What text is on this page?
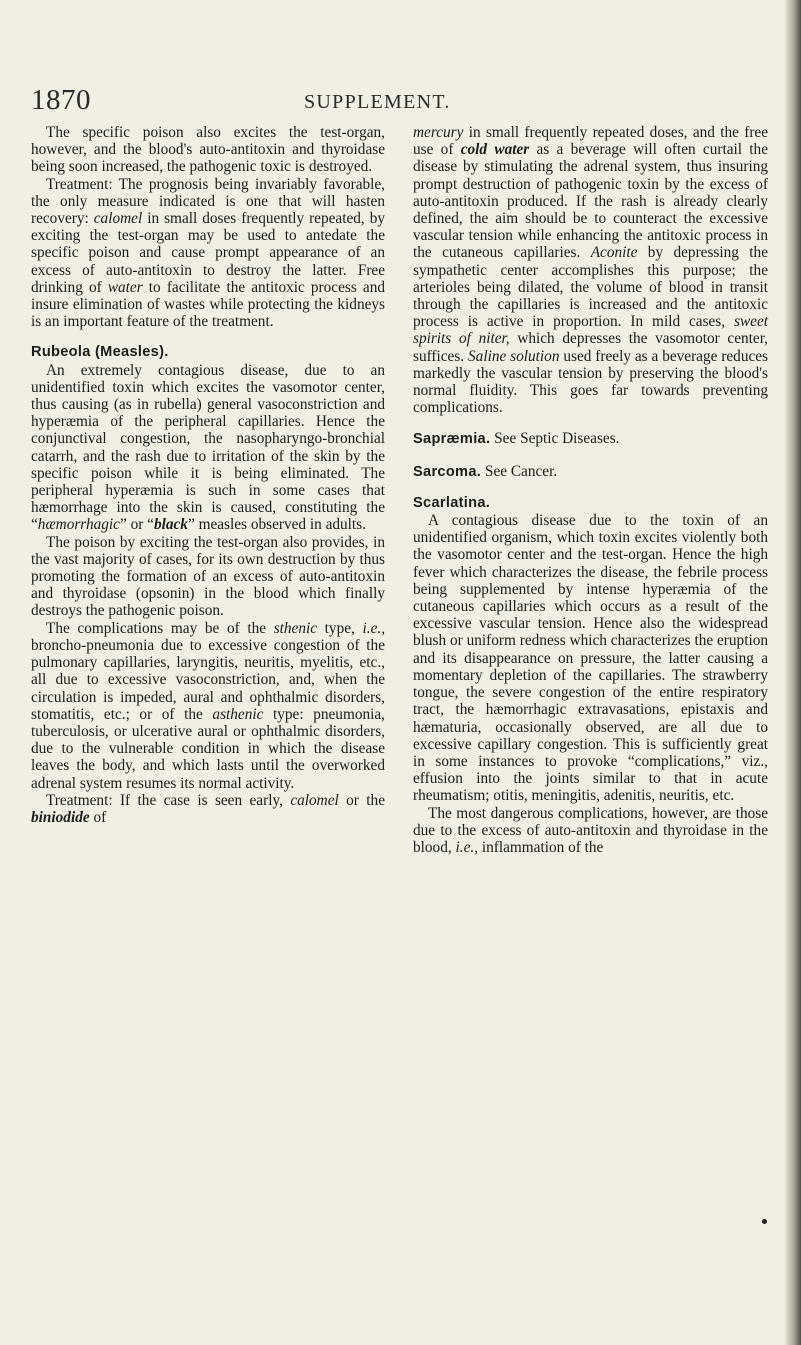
1870	SUPPLEMENT.

The specific poison also excites the test-organ, however, and the blood's auto-antitoxin and thyroidase being soon increased, the pathogenic toxic is destroyed.

Treatment: The prognosis being invariably favorable, the only measure indicated is one that will hasten recovery: calomel in small doses frequently repeated, by exciting the test-organ may be used to antedate the specific poison and cause prompt appearance of an excess of auto-antitoxin to destroy the latter. Free drinking of water to facilitate the antitoxic process and insure elimination of wastes while protecting the kidneys is an important feature of the treatment.

Rubeola (Measles).

An extremely contagious disease, due to an unidentified toxin which excites the vasomotor center, thus causing (as in rubella) general vasoconstriction and hyperæmia of the peripheral capillaries. Hence the conjunctival congestion, the nasopharyngo-bronchial catarrh, and the rash due to irritation of the skin by the specific poison while it is being eliminated. The peripheral hyperæmia is such in some cases that hæmorrhage into the skin is caused, constituting the “hæmorrhagic” or “black” measles observed in adults.

The poison by exciting the test-organ also provides, in the vast majority of cases, for its own destruction by thus promoting the formation of an excess of auto-antitoxin and thyroidase (opsonin) in the blood which finally destroys the pathogenic poison.

The complications may be of the sthenic type, i.e., broncho-pneumonia due to excessive congestion of the pulmonary capillaries, laryngitis, neuritis, myelitis, etc., all due to excessive vasoconstriction, and, when the circulation is impeded, aural and ophthalmic disorders, stomatitis, etc.; or of the asthenic type: pneumonia, tuberculosis, or ulcerative aural or ophthalmic disorders, due to the vulnerable condition in which the disease leaves the body, and which lasts until the overworked adrenal system resumes its normal activity.

Treatment: If the case is seen early, calomel or the biniodide of

mercury in small frequently repeated doses, and the free use of cold water as a beverage will often curtail the disease by stimulating the adrenal system, thus insuring prompt destruction of pathogenic toxin by the excess of auto-antitoxin produced. If the rash is already clearly defined, the aim should be to counteract the excessive vascular tension while enhancing the antitoxic process in the cutaneous capillaries. Aconite by depressing the sympathetic center accomplishes this purpose; the arterioles being dilated, the volume of blood in transit through the capillaries is increased and the antitoxic process is active in proportion. In mild cases, sweet spirits of niter, which depresses the vasomotor center, suffices. Saline solution used freely as a beverage reduces markedly the vascular tension by preserving the blood's normal fluidity. This goes far towards preventing complications.

Sapræmia. See Septic Diseases.

Sarcoma. See Cancer.

Scarlatina.

A contagious disease due to the toxin of an unidentified organism, which toxin excites violently both the vasomotor center and the test-organ. Hence the high fever which characterizes the disease, the febrile process being supplemented by intense hyperæmia of the cutaneous capillaries which occurs as a result of the excessive vascular tension. Hence also the widespread blush or uniform redness which characterizes the eruption and its disappearance on pressure, the latter causing a momentary depletion of the capillaries. The strawberry tongue, the severe congestion of the entire respiratory tract, the hæmorrhagic extravasations, epistaxis and hæmaturia, occasionally observed, are all due to excessive capillary congestion. This is sufficiently great in some instances to provoke “complications,” viz., effusion into the joints similar to that in acute rheumatism; otitis, meningitis, adenitis, neuritis, etc.

The most dangerous complications, however, are those due to the excess of auto-antitoxin and thyroidase in the blood, i.e., inflammation of the
